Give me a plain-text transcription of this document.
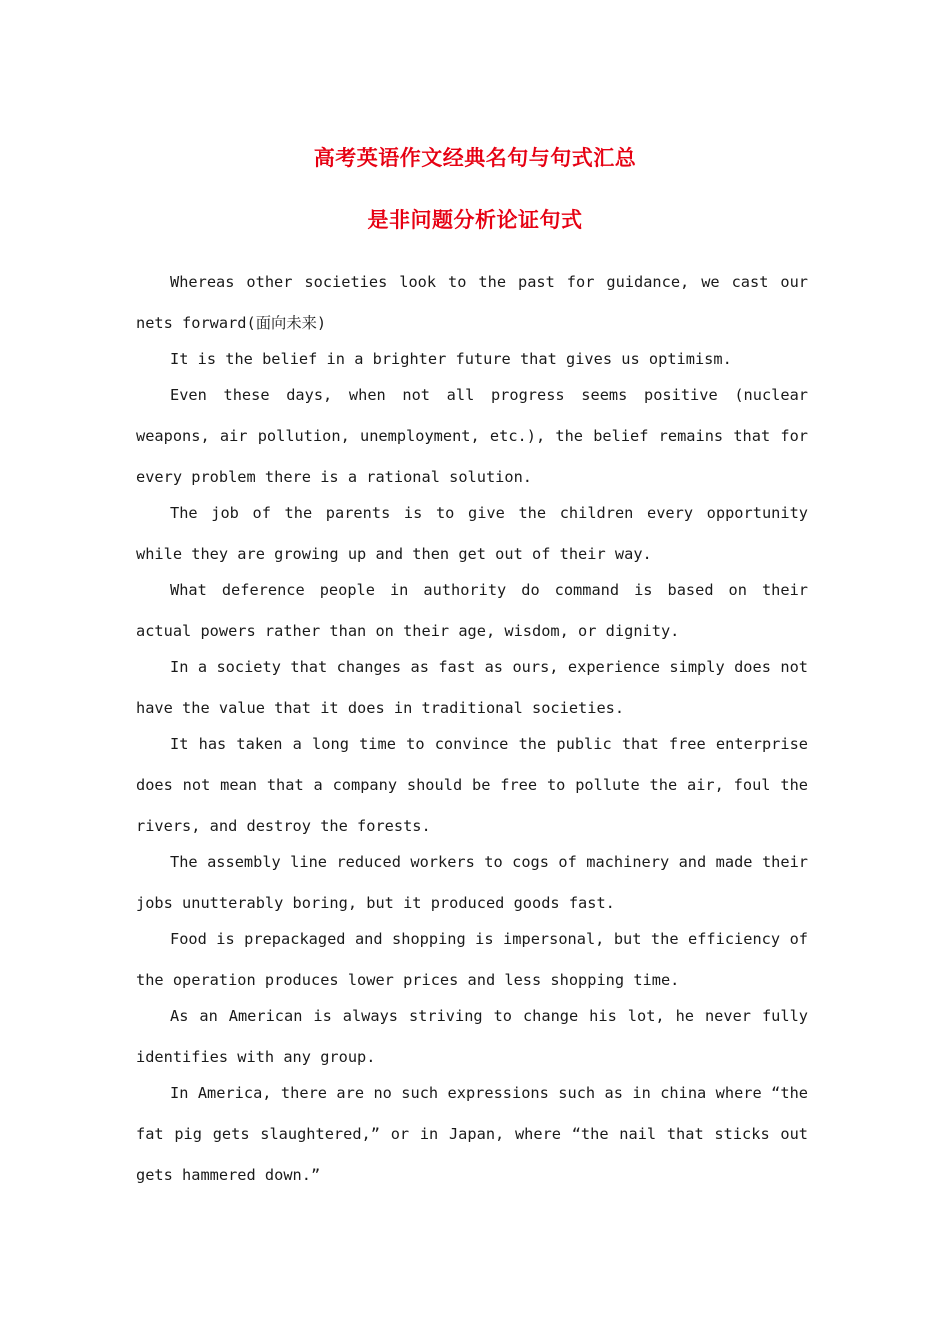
高考英语作文经典名句与句式汇总
是非问题分析论证句式

Whereas other societies look to the past for guidance, we cast our nets forward(面向未来)

It is the belief in a brighter future that gives us optimism.

Even these days, when not all progress seems positive (nuclear weapons, air pollution, unemployment, etc.), the belief remains that for every problem there is a rational solution.

The job of the parents is to give the children every opportunity while they are growing up and then get out of their way.

What deference people in authority do command is based on their actual powers rather than on their age, wisdom, or dignity.

In a society that changes as fast as ours, experience simply does not have the value that it does in traditional societies.

It has taken a long time to convince the public that free enterprise does not mean that a company should be free to pollute the air, foul the rivers, and destroy the forests.

The assembly line reduced workers to cogs of machinery and made their jobs unutterably boring, but it produced goods fast.

Food is prepackaged and shopping is impersonal, but the efficiency of the operation produces lower prices and less shopping time.

As an American is always striving to change his lot, he never fully identifies with any group.

In America, there are no such expressions such as in china where “the fat pig gets slaughtered,” or in Japan, where “the nail that sticks out gets hammered down.”
